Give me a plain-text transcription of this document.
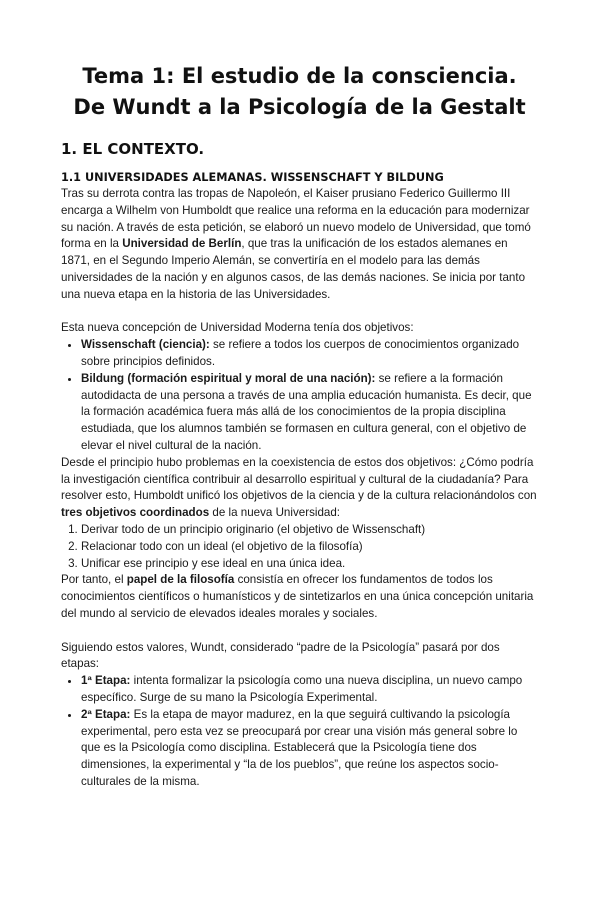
Tema 1: El estudio de la consciencia.
De Wundt a la Psicología de la Gestalt
1. EL CONTEXTO.
1.1 UNIVERSIDADES ALEMANAS. WISSENSCHAFT Y BILDUNG

Tras su derrota contra las tropas de Napoleón, el Kaiser prusiano Federico Guillermo III encarga a Wilhelm von Humboldt que realice una reforma en la educación para modernizar su nación. A través de esta petición, se elaboró un nuevo modelo de Universidad, que tomó forma en la Universidad de Berlín, que tras la unificación de los estados alemanes en 1871, en el Segundo Imperio Alemán, se convertiría en el modelo para las demás universidades de la nación y en algunos casos, de las demás naciones. Se inicia por tanto una nueva etapa en la historia de las Universidades.

Esta nueva concepción de Universidad Moderna tenía dos objetivos:

• Wissenschaft (ciencia): se refiere a todos los cuerpos de conocimientos organizado sobre principios definidos.
• Bildung (formación espiritual y moral de una nación): se refiere a la formación autodidacta de una persona a través de una amplia educación humanista. Es decir, que la formación académica fuera más allá de los conocimientos de la propia disciplina estudiada, que los alumnos también se formasen en cultura general, con el objetivo de elevar el nivel cultural de la nación.

Desde el principio hubo problemas en la coexistencia de estos dos objetivos: ¿Cómo podría la investigación científica contribuir al desarrollo espiritual y cultural de la ciudadanía? Para resolver esto, Humboldt unificó los objetivos de la ciencia y de la cultura relacionándolos con tres objetivos coordinados de la nueva Universidad:

1. Derivar todo de un principio originario (el objetivo de Wissenschaft)
2. Relacionar todo con un ideal (el objetivo de la filosofía)
3. Unificar ese principio y ese ideal en una única idea.

Por tanto, el papel de la filosofía consistía en ofrecer los fundamentos de todos los conocimientos científicos o humanísticos y de sintetizarlos en una única concepción unitaria del mundo al servicio de elevados ideales morales y sociales.

Siguiendo estos valores, Wundt, considerado “padre de la Psicología” pasará por dos etapas:

• 1ª Etapa: intenta formalizar la psicología como una nueva disciplina, un nuevo campo específico. Surge de su mano la Psicología Experimental.
• 2ª Etapa: Es la etapa de mayor madurez, en la que seguirá cultivando la psicología experimental, pero esta vez se preocupará por crear una visión más general sobre lo que es la Psicología como disciplina. Establecerá que la Psicología tiene dos dimensiones, la experimental y “la de los pueblos”, que reúne los aspectos socio-culturales de la misma.
